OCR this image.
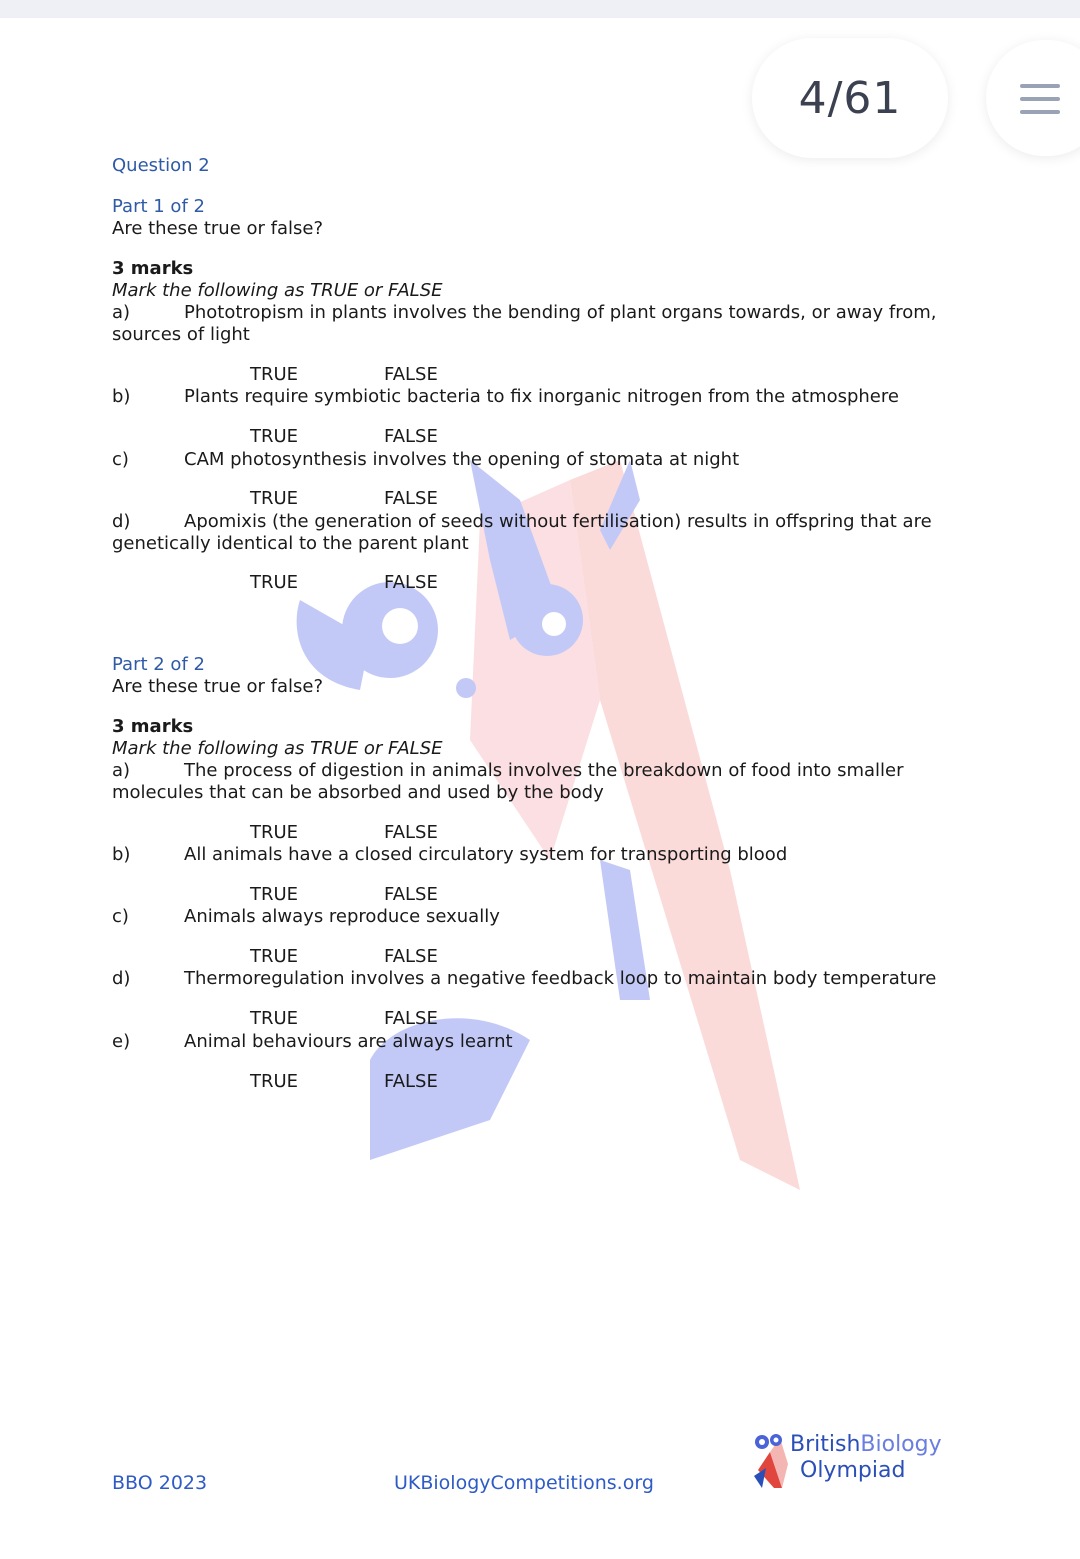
4/61
Question 2
Part 1 of 2
Are these true or false?
3 marks
Mark the following as TRUE or FALSE
a)	Phototropism in plants involves the bending of plant organs towards, or away from, sources of light
TRUE	FALSE
b)	Plants require symbiotic bacteria to fix inorganic nitrogen from the atmosphere
TRUE	FALSE
c)	CAM photosynthesis involves the opening of stomata at night
TRUE	FALSE
d)	Apomixis (the generation of seeds without fertilisation) results in offspring that are genetically identical to the parent plant
TRUE	FALSE
Part 2 of 2
Are these true or false?
3 marks
Mark the following as TRUE or FALSE
a)	The process of digestion in animals involves the breakdown of food into smaller molecules that can be absorbed and used by the body
TRUE	FALSE
b)	All animals have a closed circulatory system for transporting blood
TRUE	FALSE
c)	Animals always reproduce sexually
TRUE	FALSE
d)	Thermoregulation involves a negative feedback loop to maintain body temperature
TRUE	FALSE
e)	Animal behaviours are always learnt
TRUE	FALSE
BBO 2023	UKBiologyCompetitions.org
BritishBiology
Olympiad
